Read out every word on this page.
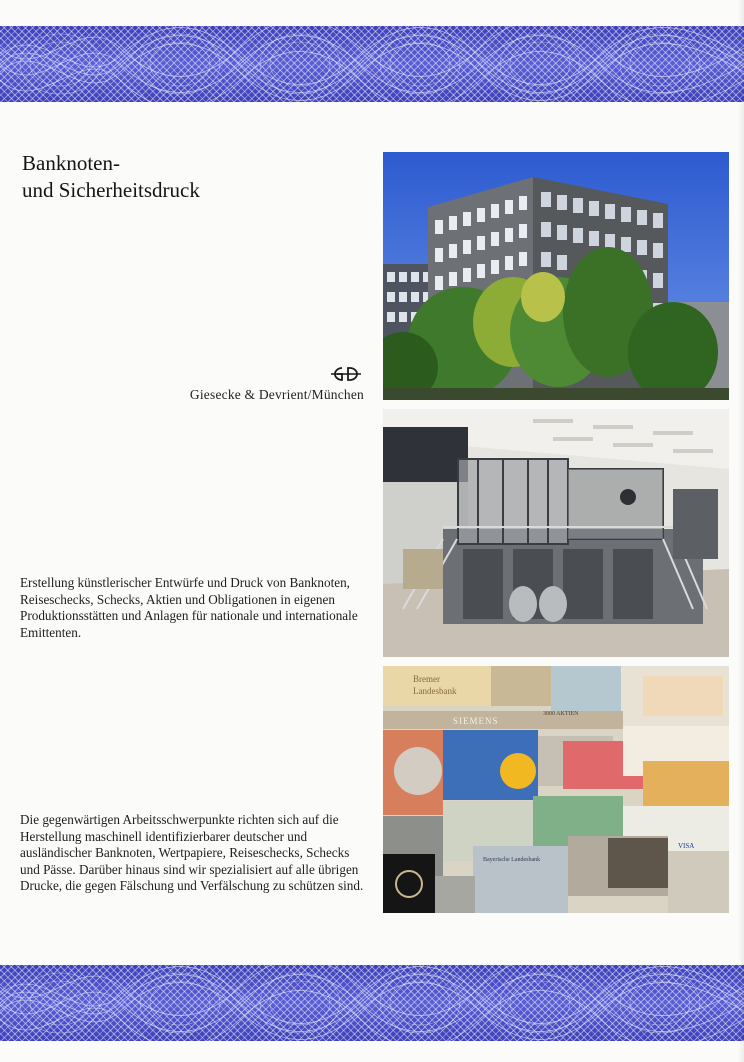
Banknoten-
und Sicherheitsdruck
Giesecke & Devrient/München

Erstellung künstlerischer Entwürfe und Druck von Banknoten, Reiseschecks, Schecks, Aktien und Obligationen in eigenen Produktionsstätten und Anlagen für nationale und internationale Emittenten.

Die gegenwärtigen Arbeitsschwerpunkte richten sich auf die Herstellung maschinell identifizierbarer deutscher und ausländischer Banknoten, Wertpapiere, Reiseschecks, Schecks und Pässe. Darüber hinaus sind wir spezialisiert auf alle übrigen Drucke, die gegen Fälschung und Verfälschung zu schützen sind.

Bremer
Landesbank
SIEMENS
3000 AKTIEN
VISA
Bayerische Landesbank
